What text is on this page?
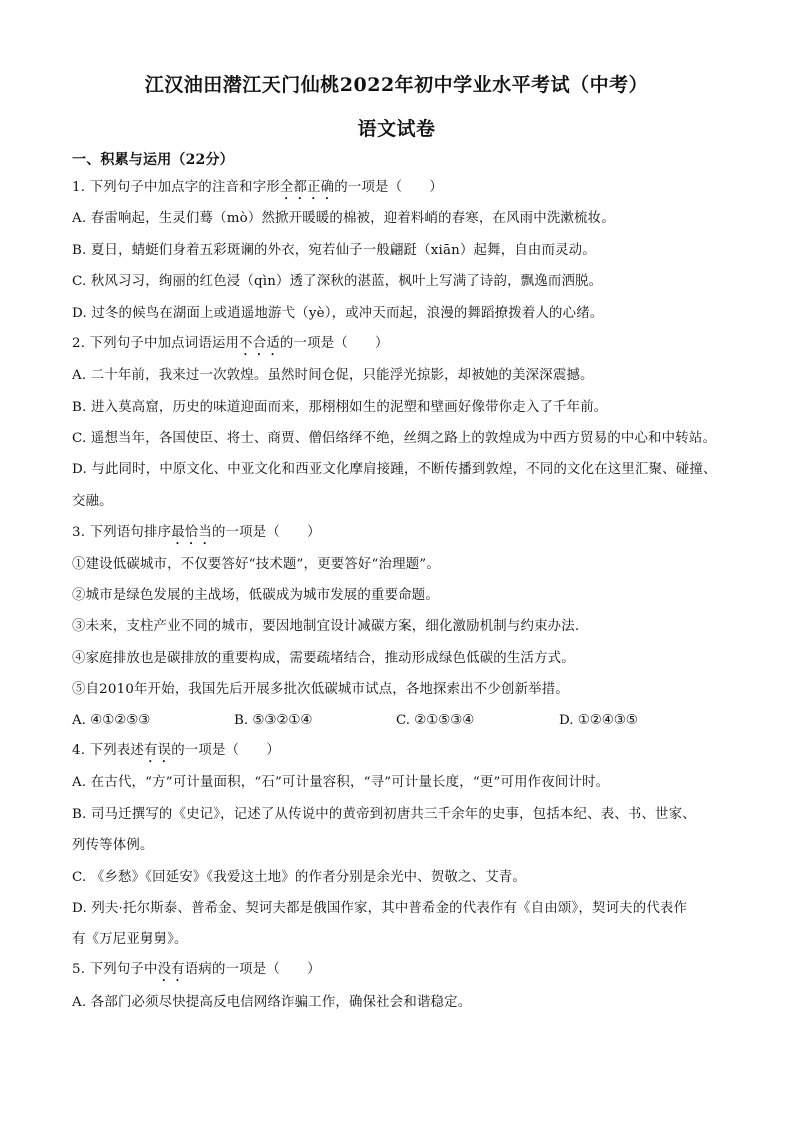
江汉油田潜江天门仙桃2022年初中学业水平考试（中考）
语文试卷
一、积累与运用（22分）
1. 下列句子中加点字的注音和字形全都正确的一项是（　　）
A. 春雷响起，生灵们蓦（mò）然掀开暖暖的棉被，迎着料峭的春寒，在风雨中洗漱梳妆。
B. 夏日，蜻蜓们身着五彩斑谰的外衣，宛若仙子一般翩跹（xiān）起舞，自由而灵动。
C. 秋风习习，绚丽的红色浸（qìn）透了深秋的湛蓝，枫叶上写满了诗韵，飘逸而洒脱。
D. 过冬的候鸟在湖面上或逍遥地游弋（yè），或冲天而起，浪漫的舞蹈撩拨着人的心绪。
2. 下列句子中加点词语运用不合适的一项是（　　）
A. 二十年前，我来过一次敦煌。虽然时间仓促，只能浮光掠影，却被她的美深深震撼。
B. 进入莫高窟，历史的味道迎面而来，那栩栩如生的泥塑和壁画好像带你走入了千年前。
C. 遥想当年，各国使臣、将士、商贾、僧侣络绎不绝，丝绸之路上的敦煌成为中西方贸易的中心和中转站。
D. 与此同时，中原文化、中亚文化和西亚文化摩肩接踵，不断传播到敦煌，不同的文化在这里汇聚、碰撞、
交融。
3. 下列语句排序最恰当的一项是（　　）
①建设低碳城市，不仅要答好“技术题”，更要答好“治理题”。
②城市是绿色发展的主战场，低碳成为城市发展的重要命题。
③未来，支柱产业不同的城市，要因地制宜设计减碳方案，细化激励机制与约束办法.
④家庭排放也是碳排放的重要构成，需要疏堵结合，推动形成绿色低碳的生活方式。
⑤自2010年开始，我国先后开展多批次低碳城市试点，各地探索出不少创新举措。
A. ④①②⑤③	B. ⑤③②①④	C. ②①⑤③④	D. ①②④③⑤
4. 下列表述有误的一项是（　　）
A. 在古代，“方”可计量面积，“石”可计量容积，“寻”可计量长度，“更”可用作夜间计时。
B. 司马迁撰写的《史记》，记述了从传说中的黄帝到初唐共三千余年的史事，包括本纪、表、书、世家、
列传等体例。
C. 《乡愁》《回延安》《我爱这土地》的作者分别是余光中、贺敬之、艾青。
D. 列夫·托尔斯泰、普希金、契诃夫都是俄国作家，其中普希金的代表作有《自由颂》，契诃夫的代表作
有《万尼亚舅舅》。
5. 下列句子中没有语病的一项是（　　）
A. 各部门必须尽快提高反电信网络诈骗工作，确保社会和谐稳定。
